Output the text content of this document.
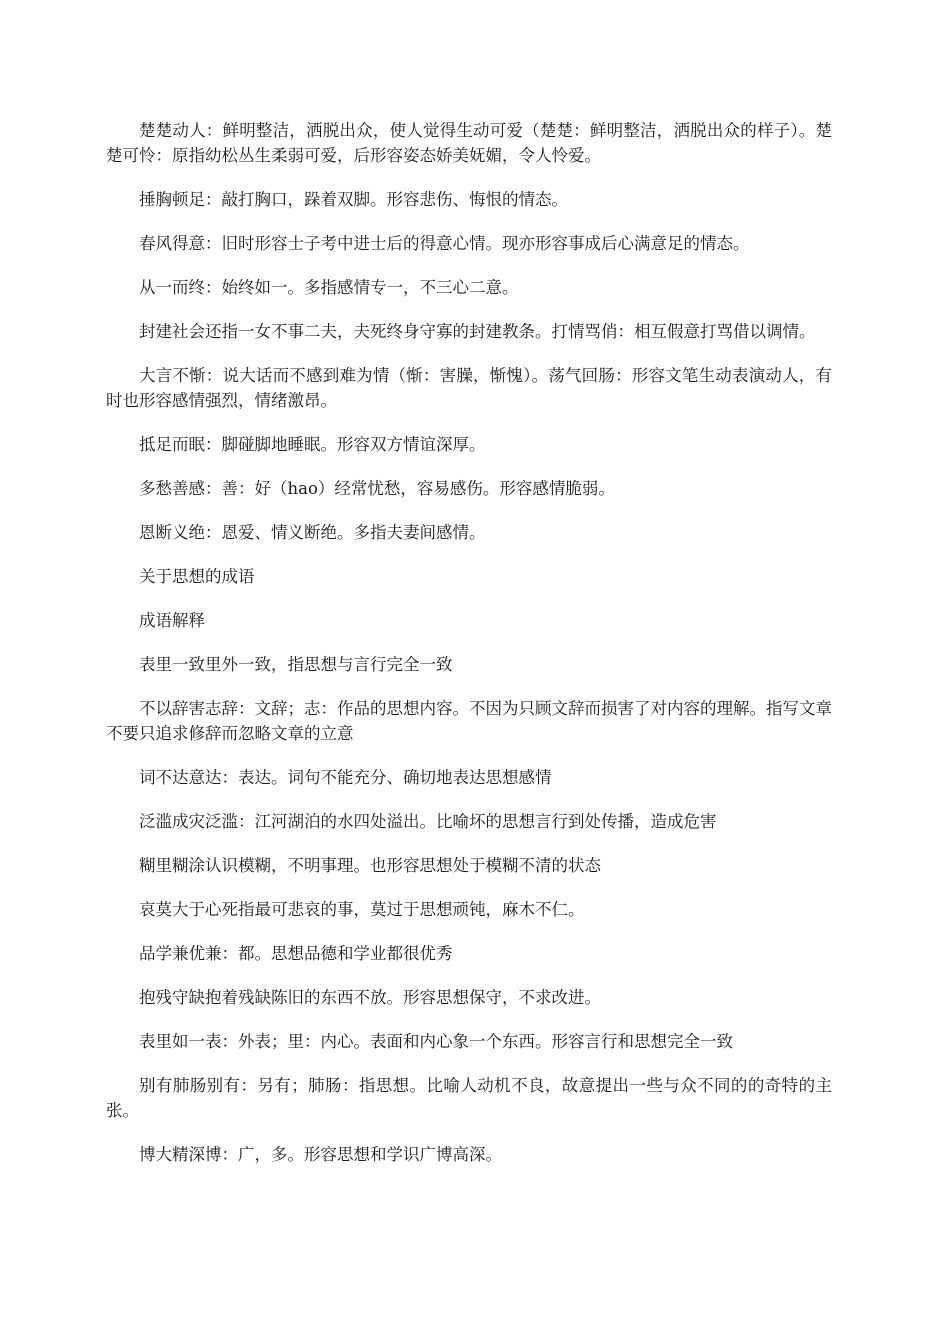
楚楚动人：鲜明整洁，洒脱出众，使人觉得生动可爱（楚楚：鲜明整洁，洒脱出众的样子）。楚楚可怜：原指幼松丛生柔弱可爱，后形容姿态娇美妩媚，令人怜爱。

捶胸顿足：敲打胸口，跺着双脚。形容悲伤、悔恨的情态。

春风得意：旧时形容士子考中进士后的得意心情。现亦形容事成后心满意足的情态。

从一而终：始终如一。多指感情专一，不三心二意。

封建社会还指一女不事二夫，夫死终身守寡的封建教条。打情骂俏：相互假意打骂借以调情。

大言不惭：说大话而不感到难为情（惭：害臊，惭愧）。荡气回肠：形容文笔生动表演动人，有时也形容感情强烈，情绪激昂。

抵足而眠：脚碰脚地睡眠。形容双方情谊深厚。

多愁善感：善：好（hao）经常忧愁，容易感伤。形容感情脆弱。

恩断义绝：恩爱、情义断绝。多指夫妻间感情。

关于思想的成语

成语解释

表里一致里外一致，指思想与言行完全一致

不以辞害志辞：文辞；志：作品的思想内容。不因为只顾文辞而损害了对内容的理解。指写文章不要只追求修辞而忽略文章的立意

词不达意达：表达。词句不能充分、确切地表达思想感情

泛滥成灾泛滥：江河湖泊的水四处溢出。比喻坏的思想言行到处传播，造成危害

糊里糊涂认识模糊，不明事理。也形容思想处于模糊不清的状态

哀莫大于心死指最可悲哀的事，莫过于思想顽钝，麻木不仁。

品学兼优兼：都。思想品德和学业都很优秀

抱残守缺抱着残缺陈旧的东西不放。形容思想保守，不求改进。

表里如一表：外表；里：内心。表面和内心象一个东西。形容言行和思想完全一致

别有肺肠别有：另有；肺肠：指思想。比喻人动机不良，故意提出一些与众不同的的奇特的主张。

博大精深博：广，多。形容思想和学识广博高深。
